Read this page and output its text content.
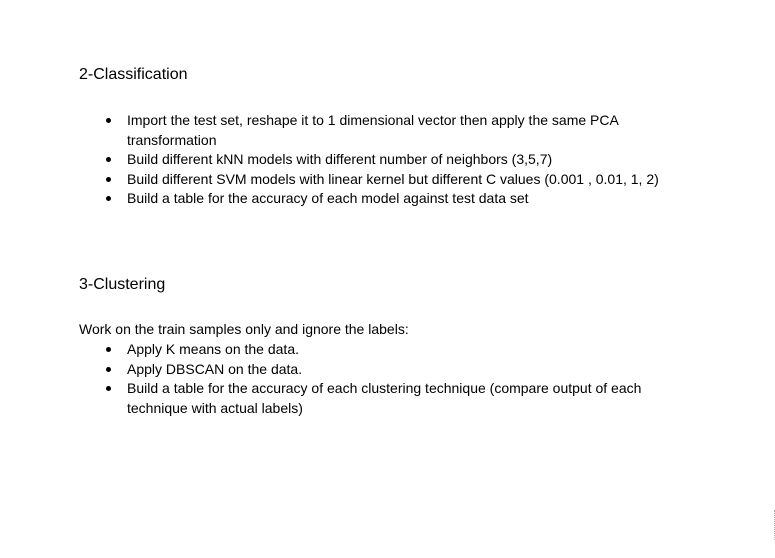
2-Classification
Import the test set, reshape it to 1 dimensional vector then apply the same PCA transformation
Build different kNN models with different number of neighbors (3,5,7)
Build different SVM models with linear kernel but different C values (0.001 , 0.01, 1, 2)
Build a table for the accuracy of each model against test data set
3-Clustering

Work on the train samples only and ignore the labels:

Apply K means on the data.
Apply DBSCAN on the data.
Build a table for the accuracy of each clustering technique (compare output of each technique with actual labels)
